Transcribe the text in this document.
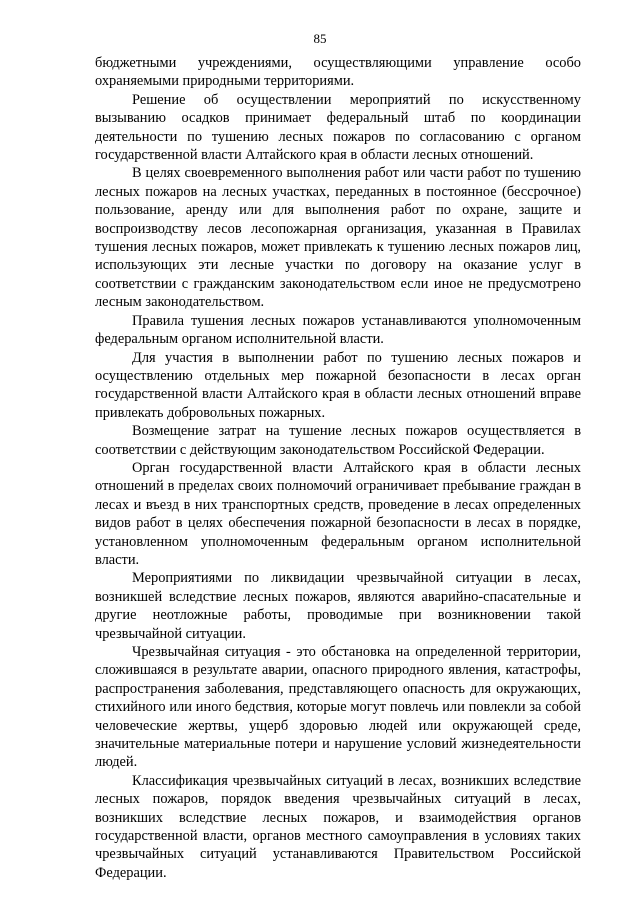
85

бюджетными учреждениями, осуществляющими управление особо охраняемыми природными территориями.

Решение об осуществлении мероприятий по искусственному вызыванию осадков принимает федеральный штаб по координации деятельности по тушению лесных пожаров по согласованию с органом государственной власти Алтайского края в области лесных отношений.

В целях своевременного выполнения работ или части работ по тушению лесных пожаров на лесных участках, переданных в постоянное (бессрочное) пользование, аренду или для выполнения работ по охране, защите и воспроизводству лесов лесопожарная организация, указанная в Правилах тушения лесных пожаров, может привлекать к тушению лесных пожаров лиц, использующих эти лесные участки по договору на оказание услуг в соответствии с гражданским законодательством если иное не предусмотрено лесным законодательством.

Правила тушения лесных пожаров устанавливаются уполномоченным федеральным органом исполнительной власти.

Для участия в выполнении работ по тушению лесных пожаров и осуществлению отдельных мер пожарной безопасности в лесах орган государственной власти Алтайского края в области лесных отношений вправе привлекать добровольных пожарных.

Возмещение затрат на тушение лесных пожаров осуществляется в соответствии с действующим законодательством Российской Федерации.

Орган государственной власти Алтайского края в области лесных отношений в пределах своих полномочий ограничивает пребывание граждан в лесах и въезд в них транспортных средств, проведение в лесах определенных видов работ в целях обеспечения пожарной безопасности в лесах в порядке, установленном уполномоченным федеральным органом исполнительной власти.

Мероприятиями по ликвидации чрезвычайной ситуации в лесах, возникшей вследствие лесных пожаров, являются аварийно-спасательные и другие неотложные работы, проводимые при возникновении такой чрезвычайной ситуации.

Чрезвычайная ситуация - это обстановка на определенной территории, сложившаяся в результате аварии, опасного природного явления, катастрофы, распространения заболевания, представляющего опасность для окружающих, стихийного или иного бедствия, которые могут повлечь или повлекли за собой человеческие жертвы, ущерб здоровью людей или окружающей среде, значительные материальные потери и нарушение условий жизнедеятельности людей.

Классификация чрезвычайных ситуаций в лесах, возникших вследствие лесных пожаров, порядок введения чрезвычайных ситуаций в лесах, возникших вследствие лесных пожаров, и взаимодействия органов государственной власти, органов местного самоуправления в условиях таких чрезвычайных ситуаций устанавливаются Правительством Российской Федерации.
